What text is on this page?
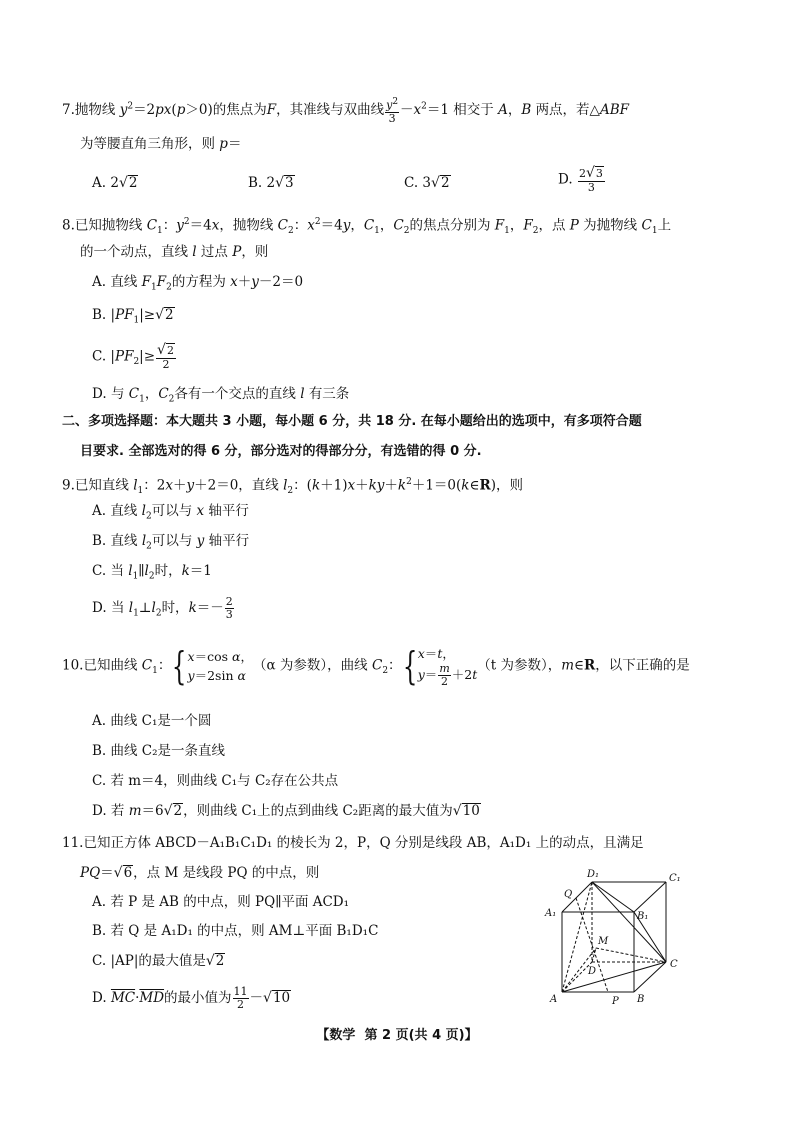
7.抛物线 $y^2=2px(p>0)$的焦点为F，其准线与双曲线 $\frac{y^2}{3} -x^2=1$ 相交于 A，B 两点，若△ABF
为等腰直角三角形，则 p＝
A. 2√2	B. 2√3	C. 3√2	D. $\frac{2√3}{3}$
8.已知抛物线 $C_1$：$y^2=4x$，抛物线 $C_2$：$x^2=4y$，$C_1$，$C_2$的焦点分别为 $F_1$，$F_2$，点 P 为抛物线 $C_1$上
的一个动点，直线 l 过点 P，则
A. 直线 $F_1F_2$的方程为 x＋y－2＝0
B. $|PF_1|\ge√2$
C. $|PF_2|\ge \frac{√2}{2}$
D. 与 $C_1$，$C_2$各有一个交点的直线 l 有三条
二、多项选择题：本大题共 3 小题，每小题 6 分，共 18 分. 在每小题给出的选项中，有多项符合题
目要求. 全部选对的得 6 分，部分选对的得部分分，有选错的得 0 分.
9.已知直线 $l_1$：2x＋y＋2＝0，直线 $l_2$：$(k+1)x+ky+k^2+1=0(k\in R)$，则
A. 直线 $l_2$可以与 x 轴平行
B. 直线 $l_2$可以与 y 轴平行
C. 当 $l_1\parallel l_2$时，k＝1
D. 当 $l_1\perp l_2$时，$k=- \frac{2}{3}$
10.已知曲线 $C_1$：{x＝cos α，
y＝2sin α（α 为参数），曲线 $C_2$：{x＝t，
$y= \frac{m}{2} +2t(t$ 为参数），m∈R，以下正确的是
A. 曲线 C₁是一个圆
B. 曲线 C₂是一条直线
C. 若 m＝4，则曲线 C₁与 C₂存在公共点
D. 若 m＝6√2，则曲线 C₁上的点到曲线 C₂距离的最大值为√10
11.已知正方体 ABCD－A₁B₁C₁D₁ 的棱长为 2，P，Q 分别是线段 AB，A₁D₁ 上的动点，且满足
PQ＝√6，点 M 是线段 PQ 的中点，则
A. 若 P 是 AB 的中点，则 PQ∥平面 ACD₁
B. 若 Q 是 A₁D₁ 的中点，则 AM⊥平面 B₁D₁C
C. |AP|的最大值是√2
D. $\overline{MC}\cdot\overline{MD}$的最小值为 $\frac{11}{2} -√10$
D₁	C₁
Q
A₁	B₁
M
D
C
A	P B
【数学 第 2 页(共 4 页)】
